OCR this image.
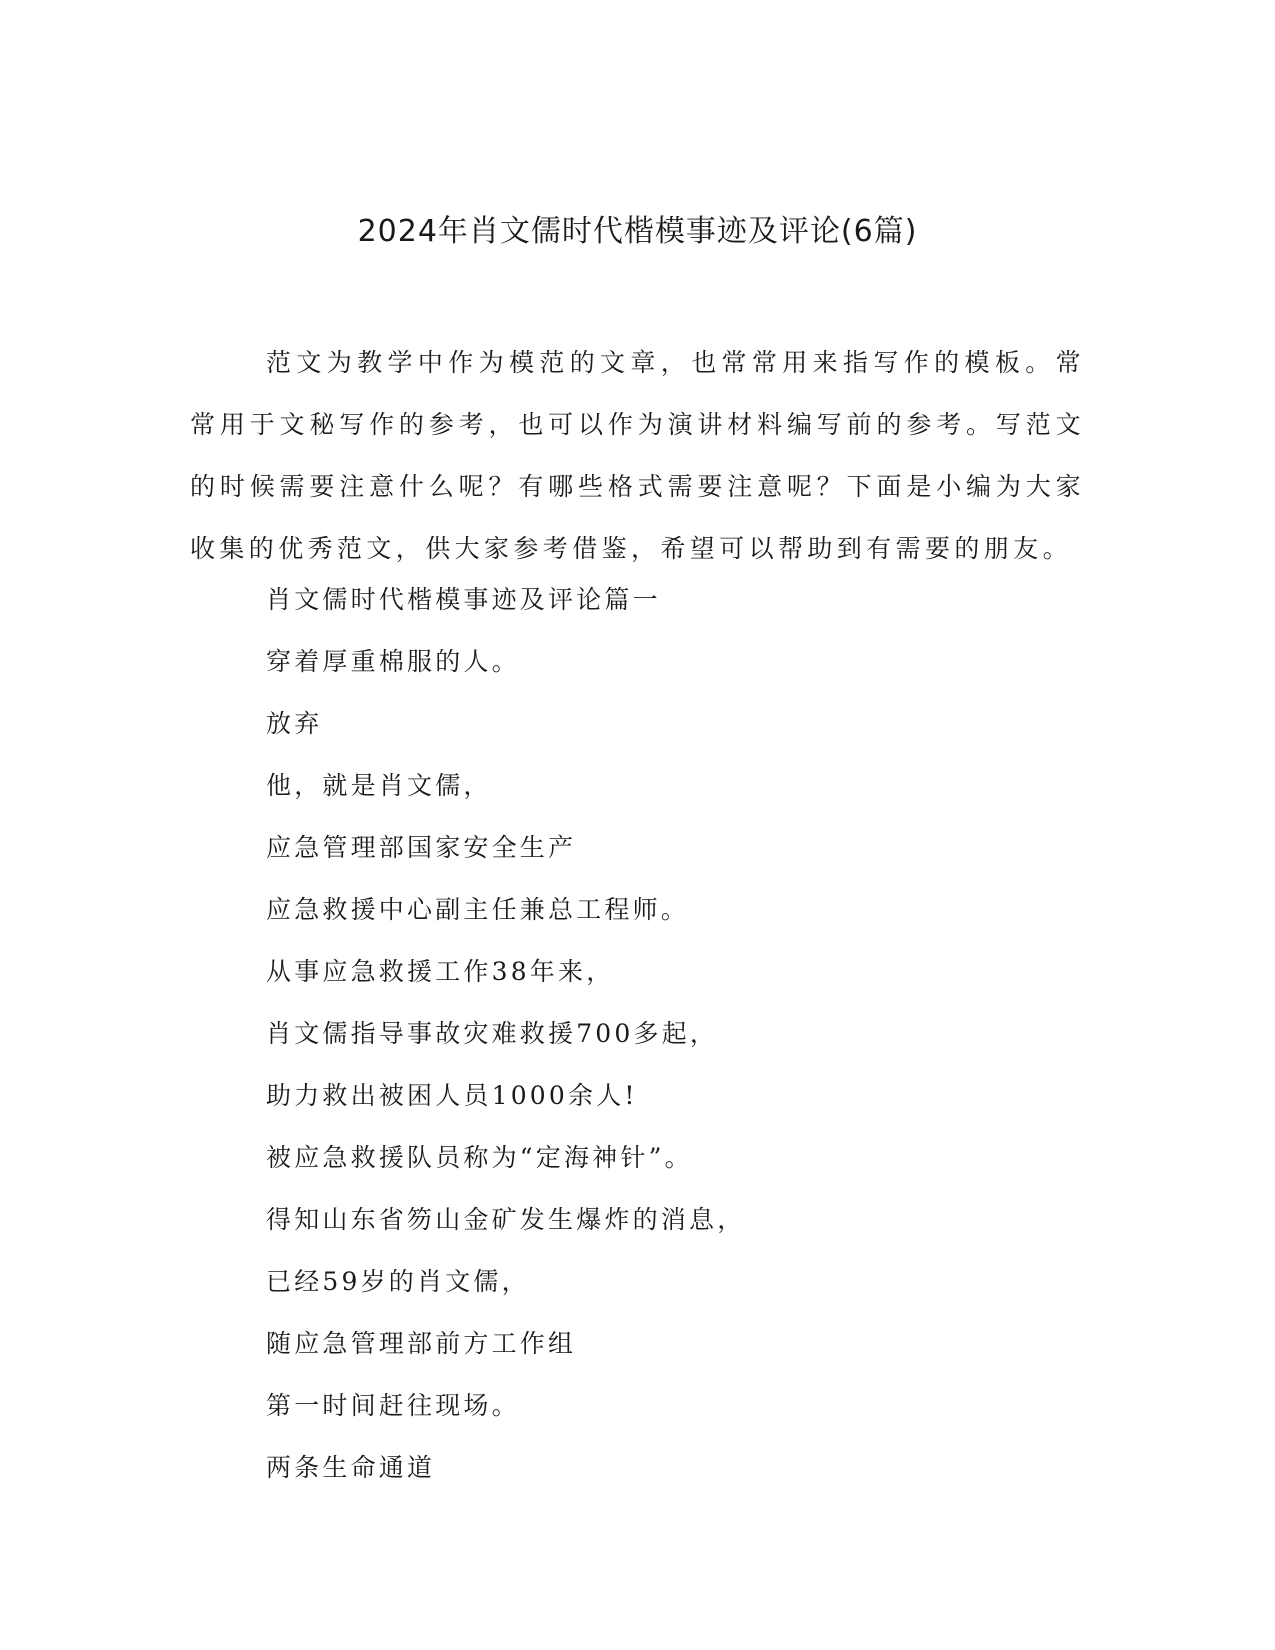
2024年肖文儒时代楷模事迹及评论(6篇)

范文为教学中作为模范的文章，也常常用来指写作的模板。常常用于文秘写作的参考，也可以作为演讲材料编写前的参考。写范文的时候需要注意什么呢？有哪些格式需要注意呢？下面是小编为大家收集的优秀范文，供大家参考借鉴，希望可以帮助到有需要的朋友。

肖文儒时代楷模事迹及评论篇一
穿着厚重棉服的人。
放弃
他，就是肖文儒，
应急管理部国家安全生产
应急救援中心副主任兼总工程师。
从事应急救援工作38年来，
肖文儒指导事故灾难救援700多起，
助力救出被困人员1000余人!
被应急救援队员称为“定海神针”。
得知山东省笏山金矿发生爆炸的消息，
已经59岁的肖文儒，
随应急管理部前方工作组
第一时间赶往现场。
两条生命通道
